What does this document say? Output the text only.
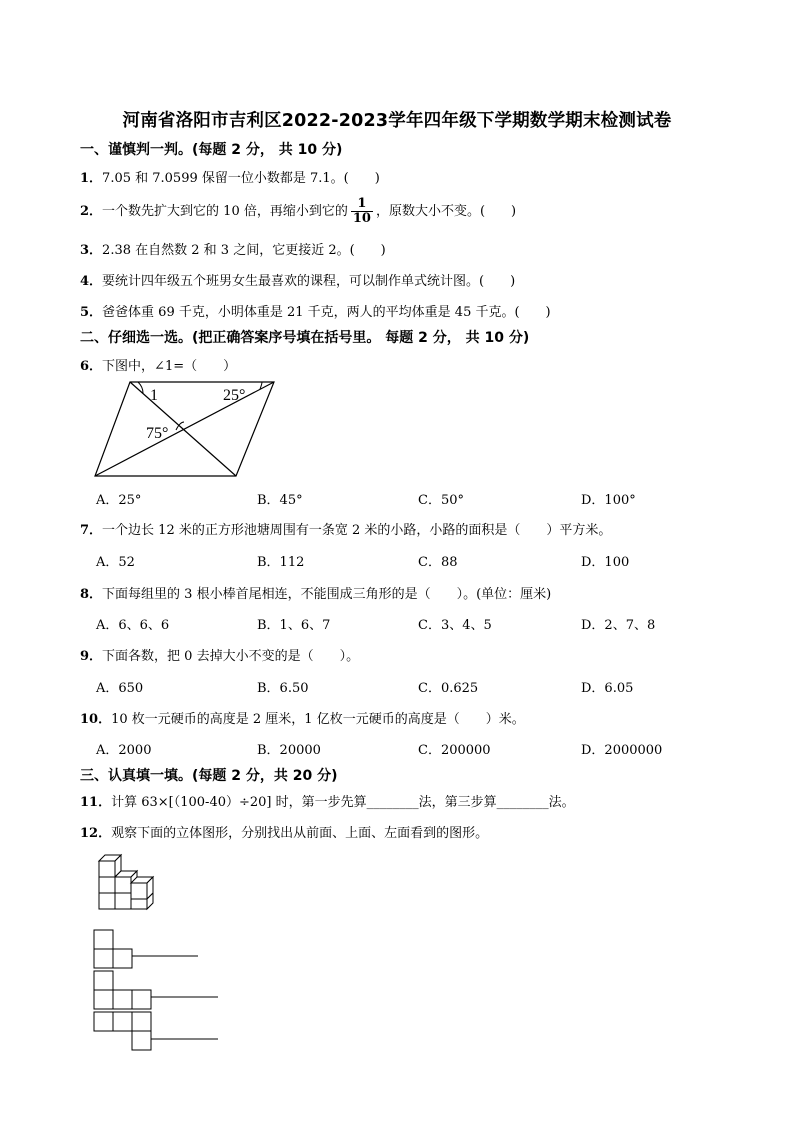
河南省洛阳市吉利区2022-2023学年四年级下学期数学期末检测试卷
一、谨慎判一判。(每题 2 分， 共 10 分)
1．7.05 和 7.0599 保留一位小数都是 7.1。(　　)
2．一个数先扩大到它的 10 倍，再缩小到它的 $\frac{1}{10}$ ，原数大小不变。(　　)
3．2.38 在自然数 2 和 3 之间，它更接近 2。(　　)
4．要统计四年级五个班男女生最喜欢的课程，可以制作单式统计图。(　　)
5．爸爸体重 69 千克，小明体重是 21 千克，两人的平均体重是 45 千克。(　　)
二、仔细选一选。(把正确答案序号填在括号里。 每题 2 分， 共 10 分)
6．下图中，∠1=（　　）
1	25°
75°
A．25°	B．45°	C．50°	D．100°
7．一个边长 12 米的正方形池塘周围有一条宽 2 米的小路，小路的面积是（　　）平方米。
A．52	B．112	C．88	D．100
8．下面每组里的 3 根小棒首尾相连，不能围成三角形的是（　　）。(单位：厘米)
A．6、6、6	B．1、6、7	C．3、4、5	D．2、7、8
9．下面各数，把 0 去掉大小不变的是（　　）。
A．650	B．6.50	C．0.625	D．6.05
10．10 枚一元硬币的高度是 2 厘米，1 亿枚一元硬币的高度是（　　）米。
A．2000	B．20000	C．200000	D．2000000
三、认真填一填。(每题 2 分，共 20 分)
11．计算 63×[（100-40）÷20] 时，第一步先算________法，第三步算________法。
12．观察下面的立体图形，分别找出从前面、上面、左面看到的图形。
